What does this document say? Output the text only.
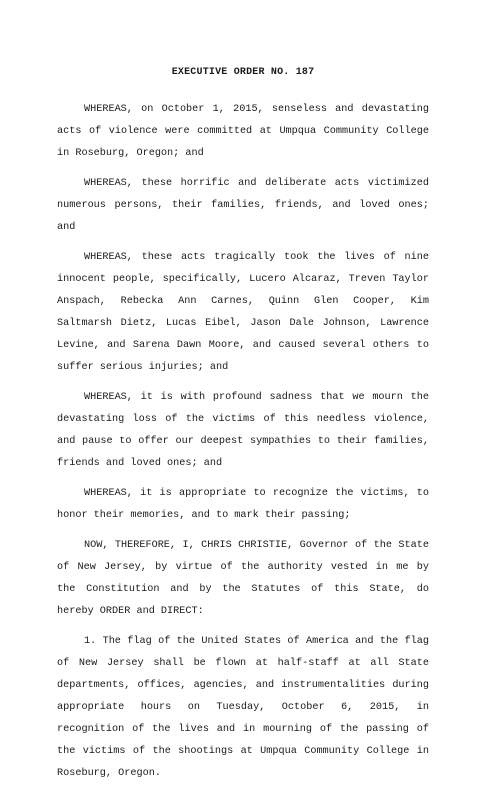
EXECUTIVE ORDER NO. 187

WHEREAS, on October 1, 2015, senseless and devastating acts of violence were committed at Umpqua Community College in Roseburg, Oregon; and

WHEREAS, these horrific and deliberate acts victimized numerous persons, their families, friends, and loved ones; and

WHEREAS, these acts tragically took the lives of nine innocent people, specifically, Lucero Alcaraz, Treven Taylor Anspach, Rebecka Ann Carnes, Quinn Glen Cooper, Kim Saltmarsh Dietz, Lucas Eibel, Jason Dale Johnson, Lawrence Levine, and Sarena Dawn Moore, and caused several others to suffer serious injuries; and

WHEREAS, it is with profound sadness that we mourn the devastating loss of the victims of this needless violence, and pause to offer our deepest sympathies to their families, friends and loved ones; and

WHEREAS, it is appropriate to recognize the victims, to honor their memories, and to mark their passing;

NOW, THEREFORE, I, CHRIS CHRISTIE, Governor of the State of New Jersey, by virtue of the authority vested in me by the Constitution and by the Statutes of this State, do hereby ORDER and DIRECT:

1. The flag of the United States of America and the flag of New Jersey shall be flown at half-staff at all State departments, offices, agencies, and instrumentalities during appropriate hours on Tuesday, October 6, 2015, in recognition of the lives and in mourning of the passing of the victims of the shootings at Umpqua Community College in Roseburg, Oregon.
